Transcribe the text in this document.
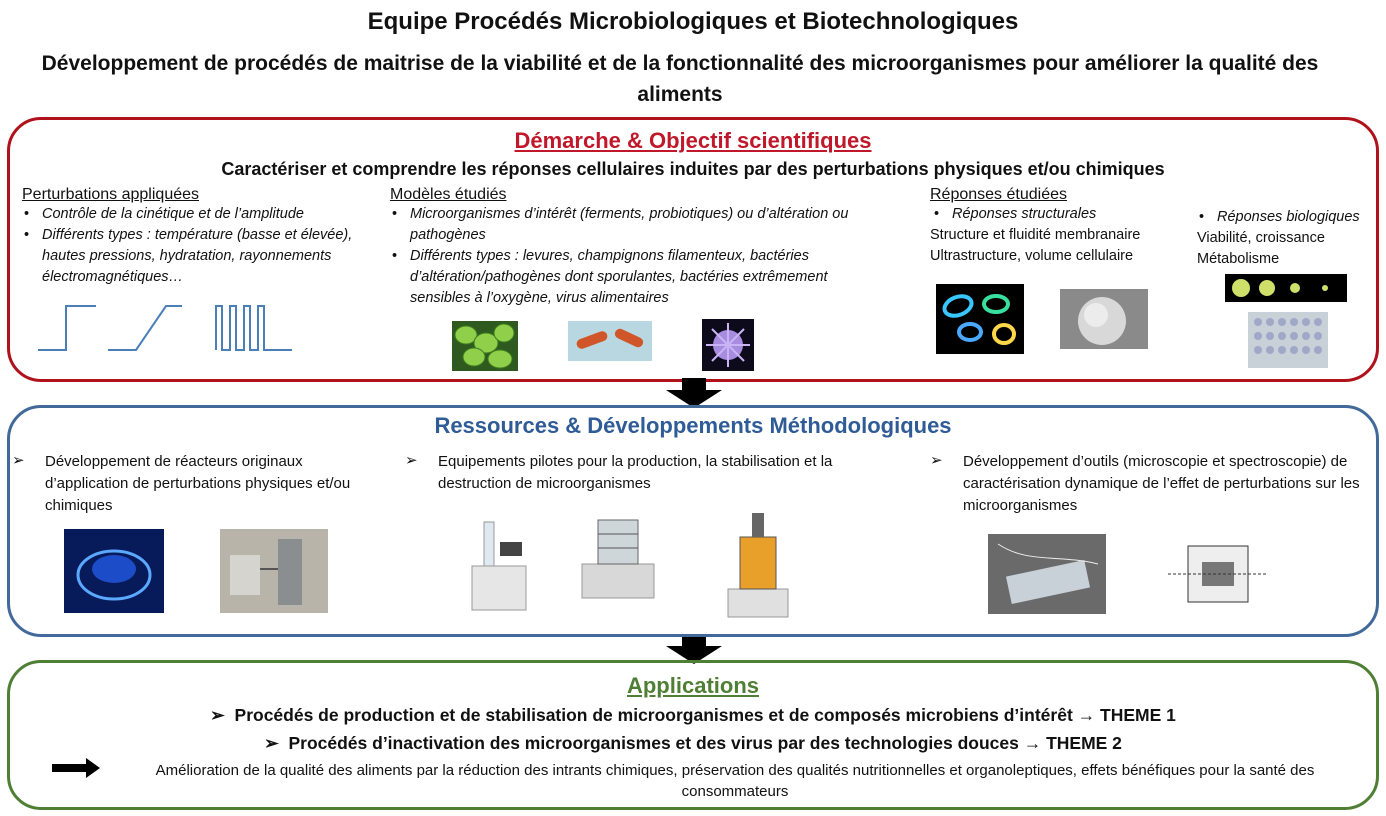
Equipe Procédés Microbiologiques et Biotechnologiques
Développement de procédés de maitrise de la viabilité et de la fonctionnalité des microorganismes pour améliorer la qualité des aliments
Démarche & Objectif scientifiques
Caractériser et comprendre les réponses cellulaires induites par des perturbations physiques et/ou chimiques
Perturbations appliquées
• Contrôle de la cinétique et de l’amplitude
• Différents types : température (basse et élevée), hautes pressions, hydratation, rayonnements électromagnétiques…
Modèles étudiés
• Microorganismes d’intérêt (ferments, probiotiques) ou d’altération ou pathogènes
• Différents types : levures, champignons filamenteux, bactéries d’altération/pathogènes dont sporulantes, bactéries extrêmement sensibles à l’oxygène, virus alimentaires
Réponses étudiées
• Réponses structurales
Structure et fluidité membranaire
Ultrastructure, volume cellulaire
• Réponses biologiques
Viabilité, croissance
Métabolisme
Ressources & Développements Méthodologiques
➢ Développement de réacteurs originaux d’application de perturbations physiques et/ou chimiques
➢ Equipements pilotes pour la production, la stabilisation et la destruction de microorganismes
➢ Développement d’outils (microscopie et spectroscopie) de caractérisation dynamique de l’effet de perturbations sur les microorganismes
Applications
➢  Procédés de production et de stabilisation de microorganismes et de composés microbiens d’intérêt → THEME 1
➢  Procédés d’inactivation des microorganismes et des virus par des technologies douces → THEME 2
Amélioration de la qualité des aliments par la réduction des intrants chimiques, préservation des qualités nutritionnelles et organoleptiques, effets bénéfiques pour la santé des consommateurs
